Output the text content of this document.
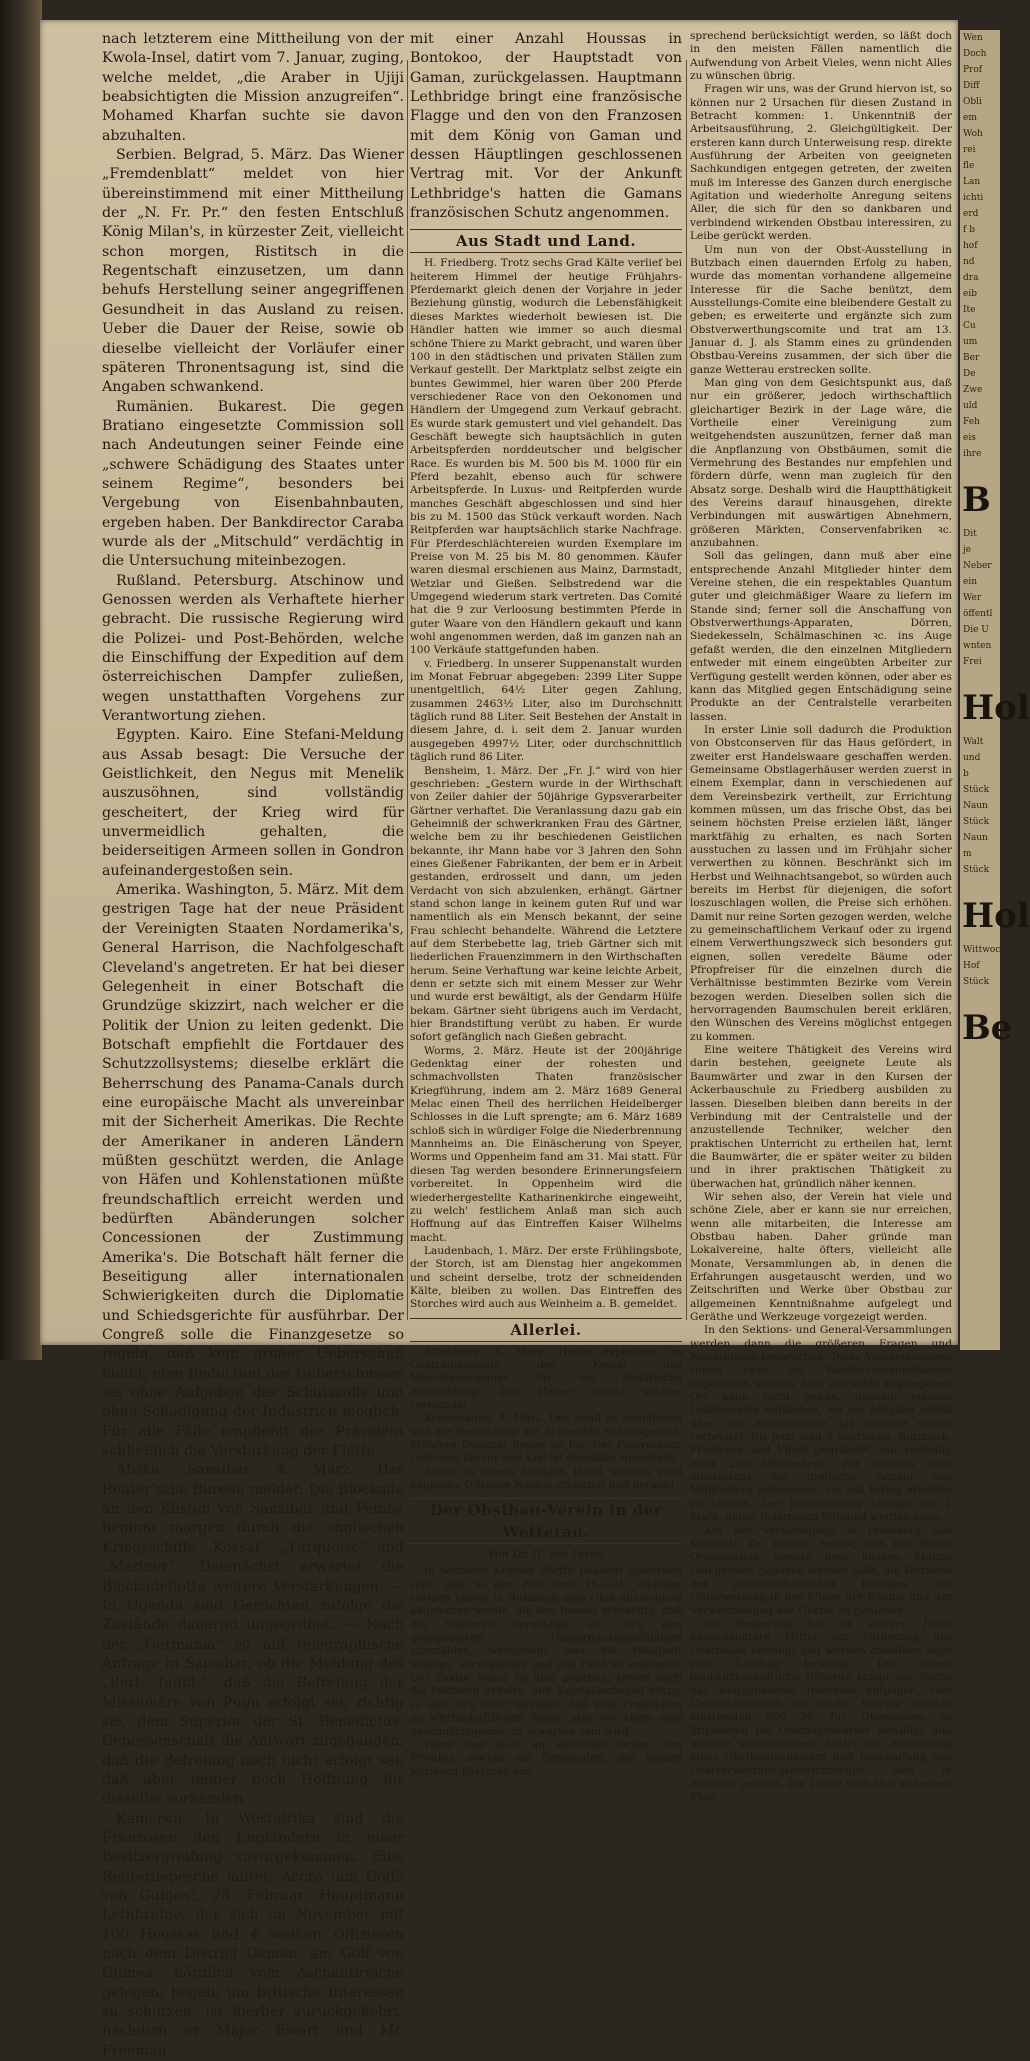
nach letzterem eine Mittheilung von der Kwola-Insel, datirt vom 7. Januar, zuging, welche meldet, „die Araber in Ujiji beabsichtigten die Mission anzugreifen“. Mohamed Kharfan suchte sie davon abzuhalten.

Serbien. Belgrad, 5. März. Das Wiener „Fremdenblatt“ meldet von hier übereinstimmend mit einer Mittheilung der „N. Fr. Pr.“ den festen Entschluß König Milan's, in kürzester Zeit, vielleicht schon morgen, Ristitsch in die Regentschaft einzusetzen, um dann behufs Herstellung seiner angegriffenen Gesundheit in das Ausland zu reisen. Ueber die Dauer der Reise, sowie ob dieselbe vielleicht der Vorläufer einer späteren Thronentsagung ist, sind die Angaben schwankend.

Rumänien. Bukarest. Die gegen Bratiano eingesetzte Commission soll nach Andeutungen seiner Feinde eine „schwere Schädigung des Staates unter seinem Regime“, besonders bei Vergebung von Eisenbahnbauten, ergeben haben. Der Bankdirector Caraba wurde als der „Mitschuld“ verdächtig in die Untersuchung miteinbezogen.

Rußland. Petersburg. Atschinow und Genossen werden als Verhaftete hierher gebracht. Die russische Regierung wird die Polizei- und Post-Behörden, welche die Einschiffung der Expedition auf dem österreichischen Dampfer zuließen, wegen unstatthaften Vorgehens zur Verantwortung ziehen.

Egypten. Kairo. Eine Stefani-Meldung aus Assab besagt: Die Versuche der Geistlichkeit, den Negus mit Menelik auszusöhnen, sind vollständig gescheitert, der Krieg wird für unvermeidlich gehalten, die beiderseitigen Armeen sollen in Gondron aufeinandergestoßen sein.

Amerika. Washington, 5. März. Mit dem gestrigen Tage hat der neue Präsident der Vereinigten Staaten Nordamerika's, General Harrison, die Nachfolgeschaft Cleveland's angetreten. Er hat bei dieser Gelegenheit in einer Botschaft die Grundzüge skizzirt, nach welcher er die Politik der Union zu leiten gedenkt. Die Botschaft empfiehlt die Fortdauer des Schutzzollsystems; dieselbe erklärt die Beherrschung des Panama-Canals durch eine europäische Macht als unvereinbar mit der Sicherheit Amerikas. Die Rechte der Amerikaner in anderen Ländern müßten geschützt werden, die Anlage von Häfen und Kohlenstationen müßte freundschaftlich erreicht werden und bedürften Abänderungen solcher Concessionen der Zustimmung Amerika's. Die Botschaft hält ferner die Beseitigung aller internationalen Schwierigkeiten durch die Diplomatie und Schiedsgerichte für ausführbar. Der Congreß solle die Finanzgesetze so regeln, daß kein großer Ueberschuß bleibt, eine Reduction des Ueberschusses sei ohne Aufgeben des Schutzzolls und ohne Schädigung der Industrien möglich. Für alle Fälle empfiehlt der Präsident schließlich die Verstärkung der Flotte.

Afrika. Sansibar, 4. März. Das Reuter'sche Bureau meldet: Die Blockade an den Küsten von Sansibar und Pemba beginnt morgen durch die englischen Kriegsschiffe „Kossal“, „Turquoise“ und „Mariner“. Demnächst erwartet die Blockadeflotte weitere Verstärkungen. — In Uganda sind Gerüchten zufolge die Zustände dauernd ungeordnet. — Nach der „Germania“ ist auf telegraphische Anfrage in Sansibar, ob die Meldung des „Berl. Tagbl.“, daß die Befreiung der Missionäre von Pugu erfolgt sei, richtig sei, dem Superior der St. Benedictus-Genossenschaft die Antwort zugegangen, daß die Befreiung noch nicht erfolgt sei, daß aber immer noch Hoffnung für dieselbe vorhanden.

Kamerun. In Westafrika sind die Franzosen den Engländern in einer Besitzergreifung zuvorgekommen. Eine Reuterdepesche lautet: Accra (am Golfe von Guinea), 28. Februar. Hauptmann Lethbridge, der sich im November mit 100 Houssas und 4 weißen Offizieren nach dem District Gaman, am Golf von Guinea, nördlich vom Aschantireiche gelegen, begab, um britische Interessen zu schützen, ist hierher zurückgekehrt, nachdem er Major Ewart und Mr. Freeman

mit einer Anzahl Houssas in Bontokoo, der Hauptstadt von Gaman, zurückgelassen. Hauptmann Lethbridge bringt eine französische Flagge und den von den Franzosen mit dem König von Gaman und dessen Häuptlingen geschlossenen Vertrag mit. Vor der Ankunft Lethbridge's hatten die Gamans französischen Schutz angenommen.

Aus Stadt und Land.

H. Friedberg. Trotz sechs Grad Kälte verlief bei heiterem Himmel der heutige Frühjahrs-Pferdemarkt gleich denen der Vorjahre in jeder Beziehung günstig, wodurch die Lebensfähigkeit dieses Marktes wiederholt bewiesen ist. Die Händler hatten wie immer so auch diesmal schöne Thiere zu Markt gebracht, und waren über 100 in den städtischen und privaten Ställen zum Verkauf gestellt. Der Marktplatz selbst zeigte ein buntes Gewimmel, hier waren über 200 Pferde verschiedener Race von den Oekonomen und Händlern der Umgegend zum Verkauf gebracht. Es wurde stark gemustert und viel gehandelt. Das Geschäft bewegte sich hauptsächlich in guten Arbeitspferden norddeutscher und belgischer Race. Es wurden bis M. 500 bis M. 1000 für ein Pferd bezahlt, ebenso auch für schwere Arbeitspferde. In Luxus- und Reitpferden wurde manches Geschäft abgeschlossen und sind hier bis zu M. 1500 das Stück verkauft worden. Nach Reitpferden war hauptsächlich starke Nachfrage. Für Pferdeschlächtereien wurden Exemplare im Preise von M. 25 bis M. 80 genommen. Käufer waren diesmal erschienen aus Mainz, Darmstadt, Wetzlar und Gießen. Selbstredend war die Umgegend wiederum stark vertreten. Das Comité hat die 9 zur Verloosung bestimmten Pferde in guter Waare von den Händlern gekauft und kann wohl angenommen werden, daß im ganzen nah an 100 Verkäufe stattgefunden haben.

v. Friedberg. In unserer Suppenanstalt wurden im Monat Februar abgegeben: 2399 Liter Suppe unentgeltlich, 64½ Liter gegen Zahlung, zusammen 2463½ Liter, also im Durchschnitt täglich rund 88 Liter. Seit Bestehen der Anstalt in diesem Jahre, d. i. seit dem 2. Januar wurden ausgegeben 4997½ Liter, oder durchschnittlich täglich rund 86 Liter.

Bensheim, 1. März. Der „Fr. J.“ wird von hier geschrieben: „Gestern wurde in der Wirthschaft von Zeiler dahier der 50jährige Gypsverarbeiter Gärtner verhaftet. Die Veranlassung dazu gab ein Geheimniß der schwerkranken Frau des Gärtner, welche bem zu ihr beschiedenen Geistlichen bekannte, ihr Mann habe vor 3 Jahren den Sohn eines Gießener Fabrikanten, der bem er in Arbeit gestanden, erdrosselt und dann, um jeden Verdacht von sich abzulenken, erhängt. Gärtner stand schon lange in keinem guten Ruf und war namentlich als ein Mensch bekannt, der seine Frau schlecht behandelte. Während die Letztere auf dem Sterbebette lag, trieb Gärtner sich mit liederlichen Frauenzimmern in den Wirthschaften herum. Seine Verhaftung war keine leichte Arbeit, denn er setzte sich mit einem Messer zur Wehr und wurde erst bewältigt, als der Gendarm Hülfe bekam. Gärtner sieht übrigens auch im Verdacht, hier Brandstiftung verübt zu haben. Er wurde sofort gefänglich nach Gießen gebracht.

Worms, 2. März. Heute ist der 200jährige Gedenktag einer der rohesten und schmachvollsten Thaten französischer Kriegführung, indem am 2. März 1689 General Melac einen Theil des herrlichen Heidelberger Schlosses in die Luft sprengte; am 6. März 1689 schloß sich in würdiger Folge die Niederbrennung Mannheims an. Die Einäscherung von Speyer, Worms und Oppenheim fand am 31. Mai statt. Für diesen Tag werden besondere Erinnerungsfeiern vorbereitet. In Oppenheim wird die wiederhergestellte Katharinenkirche eingeweiht, zu welch' festlichem Anlaß man sich auch Hoffnung auf das Eintreffen Kaiser Wilhelms macht.

Laudenbach, 1. März. Der erste Frühlingsbote, der Storch, ist am Dienstag hier angekommen und scheint derselbe, trotz der schneidenden Kälte, bleiben zu wollen. Das Eintreffen des Storches wird auch aus Weinheim a. B. gemeldet.

Allerlei.

Straßburg, 4. März. Heute explodirte im Centralbahnhofe der Kessel des Maschinenraumes für die elektrische Beleuchtung. Der Heizer wurde schwer verwundet.

Kopenhagen, 4. März. Der Sund ist zugefroren und die Verbindung mit Schweden hat aufgehört. Mehrere Dampfer liegen im Eis. Der Postverkehr zwischen Korsör und Kiel ist ebenfalls eingestellt.

Kairo. In einem hiesigen Hotel wurden zwei englische Offiziere Nachts ermordet und beraubt.

Der Obstbau-Verein in der Wetterau.
Von Dr. H. von Peter.

In weiteren Kreisen dürfte bekannt geworden sein, daß in der Zeit vom 15.—21. Oktober vorigen Jahres in Butzbach eine Obst-Ausstellung abgehalten wurde, die den Beweis erbrachte, daß die Wetterau berechtigt ist, sich den gesegneteren Obstproduktionsländern zuzuzählen, wenigstens was die Fähigkeit anlangt, vorzügliches und viel Obst zu erzeugen. Der Faktor Natur ist also gegeben, treten noch die Faktoren Arbeits- und Kapital-aufwand hinzu, so läßt sich nicht zweifeln, daß eine Produktion im wirthschaftlichen Sinne, also vor Allem eine gewinnbringende, zu erwarten sein wird.

Wenn nun auch an einzelnen Orten, von Privaten sowohl als Gemeinden, die beiden letzteren Faktoren ent-

sprechend berücksichtigt werden, so läßt doch in den meisten Fällen namentlich die Aufwendung von Arbeit Vieles, wenn nicht Alles zu wünschen übrig.

Fragen wir uns, was der Grund hiervon ist, so können nur 2 Ursachen für diesen Zustand in Betracht kommen: 1. Unkenntniß der Arbeitsausführung, 2. Gleichgültigkeit. Der ersteren kann durch Unterweisung resp. direkte Ausführung der Arbeiten von geeigneten Sachkundigen entgegen getreten, der zweiten muß im Interesse des Ganzen durch energische Agitation und wiederholte Anregung seitens Aller, die sich für den so dankbaren und verbindend wirkenden Obstbau interessiren, zu Leibe gerückt werden.

Um nun von der Obst-Ausstellung in Butzbach einen dauernden Erfolg zu haben, wurde das momentan vorhandene allgemeine Interesse für die Sache benützt, dem Ausstellungs-Comite eine bleibendere Gestalt zu geben; es erweiterte und ergänzte sich zum Obstverwerthungscomite und trat am 13. Januar d. J. als Stamm eines zu gründenden Obstbau-Vereins zusammen, der sich über die ganze Wetterau erstrecken sollte.

Man ging von dem Gesichtspunkt aus, daß nur ein größerer, jedoch wirthschaftlich gleichartiger Bezirk in der Lage wäre, die Vortheile einer Vereinigung zum weitgehendsten auszunützen, ferner daß man die Anpflanzung von Obstbäumen, somit die Vermehrung des Bestandes nur empfehlen und fördern dürfe, wenn man zugleich für den Absatz sorge. Deshalb wird die Hauptthätigkeit des Vereins darauf hinausgehen, direkte Verbindungen mit auswärtigen Abnehmern, größeren Märkten, Conservenfabriken ꝛc. anzubahnen.

Soll das gelingen, dann muß aber eine entsprechende Anzahl Mitglieder hinter dem Vereine stehen, die ein respektables Quantum guter und gleichmäßiger Waare zu liefern im Stande sind; ferner soll die Anschaffung von Obstverwerthungs-Apparaten, Dörren, Siedekesseln, Schälmaschinen ꝛc. ins Auge gefaßt werden, die den einzelnen Mitgliedern entweder mit einem eingeübten Arbeiter zur Verfügung gestellt werden können, oder aber es kann das Mitglied gegen Entschädigung seine Produkte an der Centralstelle verarbeiten lassen.

In erster Linie soll dadurch die Produktion von Obstconserven für das Haus gefördert, in zweiter erst Handelswaare geschaffen werden. Gemeinsame Obstlagerhäuser werden zuerst in einem Exemplar, dann in verschiedenen auf dem Vereinsbezirk vertheilt, zur Errichtung kommen müssen, um das frische Obst, das bei seinem höchsten Preise erzielen läßt, länger marktfähig zu erhalten, es nach Sorten ausstuchen zu lassen und im Frühjahr sicher verwerthen zu können. Beschränkt sich im Herbst und Weihnachtsangebot, so würden auch bereits im Herbst für diejenigen, die sofort loszuschlagen wollen, die Preise sich erhöhen. Damit nur reine Sorten gezogen werden, welche zu gemeinschaftlichem Verkauf oder zu irgend einem Verwerthungszweck sich besonders gut eignen, sollen veredelte Bäume oder Pfropfreiser für die einzelnen durch die Verhältnisse bestimmten Bezirke vom Verein bezogen werden. Dieselben sollen sich die hervorragenden Baumschulen bereit erklären, den Wünschen des Vereins möglichst entgegen zu kommen.

Eine weitere Thätigkeit des Vereins wird darin bestehen, geeignete Leute als Baumwärter und zwar in den Kursen der Ackerbauschule zu Friedberg ausbilden zu lassen. Dieselben bleiben dann bereits in der Verbindung mit der Centralstelle und der anzustellende Techniker, welcher den praktischen Unterricht zu ertheilen hat, lernt die Baumwärter, die er später weiter zu bilden und in ihrer praktischen Thätigkeit zu überwachen hat, gründlich näher kennen.

Wir sehen also, der Verein hat viele und schöne Ziele, aber er kann sie nur erreichen, wenn alle mitarbeiten, die Interesse am Obstbau haben. Daher gründe man Lokalvereine, halte öfters, vielleicht alle Monate, Versammlungen ab, in denen die Erfahrungen ausgetauscht werden, und wo Zeitschriften und Werke über Obstbau zur allgemeinen Kenntnißnahme aufgelegt und Geräthe und Werkzeuge vorgezeigt werden.

In den Sektions- und General-Versammlungen werden dann die größeren Fragen und Neuerungen besprochen. Diese Versammlungen sollen zwar als Wanderversammlungen abgehalten werden, aber auf jeden abgelegenen Ort kann nicht gehen, deshalb müssen Lokalvereine entstehen, wo ein Mitglied selbst über den Baumschütze das Gehörte weiter verbreitet. Bis jetzt sind 3 Sektionen, Butzbach, Friedberg und Vilbel gegründet, mit vorläufig etwa 250 Mitgliedern. Wir müssen aber mindestens die dreifache Anzahl von Mitgliedern bekommen, um mit Erfolg arbeiten zu können. Der Jahresbeitrag beträgt nur 1 Mark, damit Jedermann Mitglied werden kann.

Auf der Versammlung in Friedberg hob Kreisrath Dr. Braden hervor, daß mit dieser Organisation gerade dem kleinen Manne Gelegenheit gegeben werden solle, die Vortheile des gemeinschaftlichen Bezuges, der Unterweisung in der Pflege der Bäume und der Verwertheilung des Obstes zu genießen.

Die Regierung hat im vorigen Jahre ausgedehntere Mittel zur Förderung des Obstbaues verlangt und wurden dieselben auch vom Landtag bewilligt. Die Obere landwirthschaftliche Behörde bringt der Sache das weitgehendste Interesse entgegen, vom Centralausschuß der landw. Vereine wurden einstweilen 500 M. für Oberhessen zu Stipendien für Obstbaumwärter bewilligt und weitere umfänglichere Mittel zur Aufstellung eines Obstbautechnikers und Beschaffung von Obstverwerthungseinrichtungen sind in Aussicht gestellt. Die Dinge sind also in bestem Fluß.

Wen
Doch
Prof
Diff
Obli
em
Woh
rei
fle
Lan
ichti
erd
f b
hof
nd
dra
eib
Ite
Cu
um
Ber
De
Zwe
uld
Feh
eis
ihre
B
Dit
je
Neber
ein
Wer
öffentl
Die U
wnten
Frei
Hol
Walt
und
b
Stück
Naun
Stück
Naun
m
Stück
Hol
Wittwoch
Hof
Stück
Be
